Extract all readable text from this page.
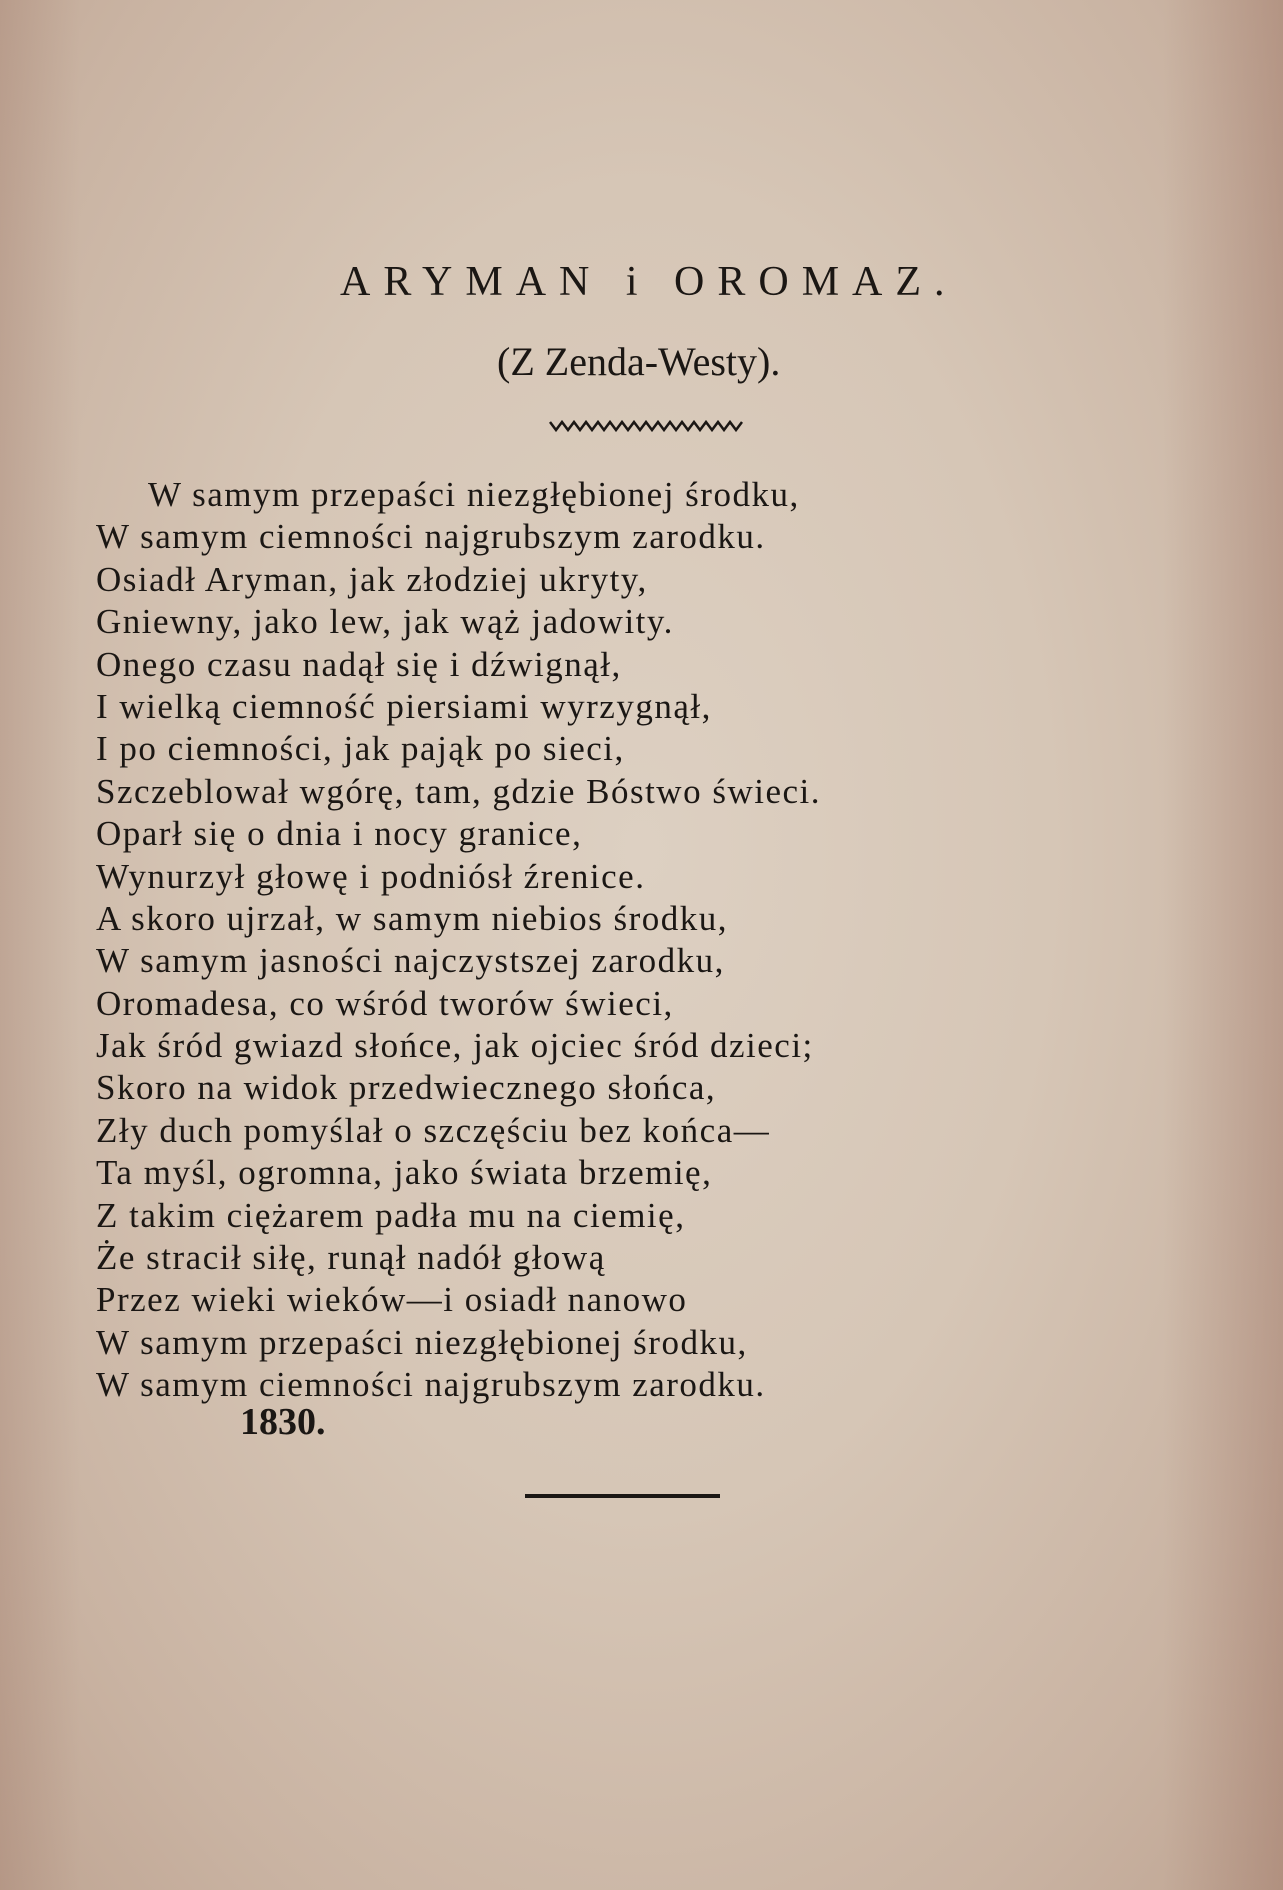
ARYMAN i OROMAZ.
(Z Zenda-Westy).
W samym przepaści niezgłębionej środku,
W samym ciemności najgrubszym zarodku.
Osiadł Aryman, jak złodziej ukryty,
Gniewny, jako lew, jak wąż jadowity.
Onego czasu nadął się i dźwignął,
I wielką ciemność piersiami wyrzygnął,
I po ciemności, jak pająk po sieci,
Szczeblował wgórę, tam, gdzie Bóstwo świeci.
Oparł się o dnia i nocy granice,
Wynurzył głowę i podniósł źrenice.
A skoro ujrzał, w samym niebios środku,
W samym jasności najczystszej zarodku,
Oromadesa, co wśród tworów świeci,
Jak śród gwiazd słońce, jak ojciec śród dzieci;
Skoro na widok przedwiecznego słońca,
Zły duch pomyślał o szczęściu bez końca—
Ta myśl, ogromna, jako świata brzemię,
Z takim ciężarem padła mu na ciemię,
Że stracił siłę, runął nadół głową
Przez wieki wieków—i osiadł nanowo
W samym przepaści niezgłębionej środku,
W samym ciemności najgrubszym zarodku.
1830.
